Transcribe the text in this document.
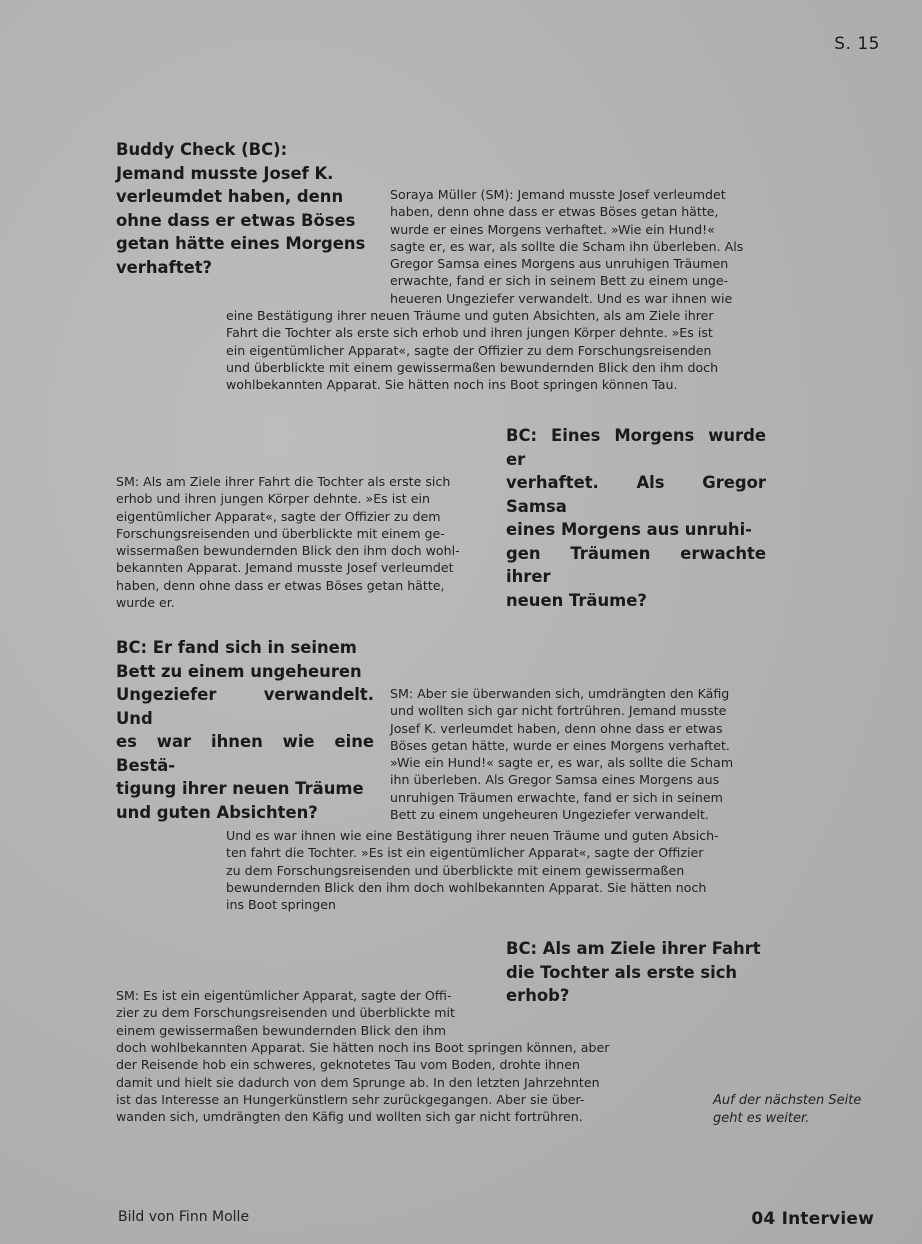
S. 15
Buddy Check (BC):
Jemand musste Josef K.
verleumdet haben, denn
ohne dass er etwas Böses
getan hätte eines Morgens
verhaftet?
Soraya Müller (SM): Jemand musste Josef verleumdet
haben, denn ohne dass er etwas Böses getan hätte,
wurde er eines Morgens verhaftet. »Wie ein Hund!«
sagte er, es war, als sollte die Scham ihn überleben. Als
Gregor Samsa eines Morgens aus unruhigen Träumen
erwachte, fand er sich in seinem Bett zu einem unge-
heueren Ungeziefer verwandelt. Und es war ihnen wie
eine Bestätigung ihrer neuen Träume und guten Absichten, als am Ziele ihrer
Fahrt die Tochter als erste sich erhob und ihren jungen Körper dehnte. »Es ist
ein eigentümlicher Apparat«, sagte der Offizier zu dem Forschungsreisenden
und überblickte mit einem gewissermaßen bewundernden Blick den ihm doch
wohlbekannten Apparat. Sie hätten noch ins Boot springen können Tau.
BC: Eines Morgens wurde er
verhaftet. Als Gregor Samsa
eines Morgens aus unruhi-
gen Träumen erwachte ihrer
neuen Träume?
SM: Als am Ziele ihrer Fahrt die Tochter als erste sich
erhob und ihren jungen Körper dehnte. »Es ist ein
eigentümlicher Apparat«, sagte der Offizier zu dem
Forschungsreisenden und überblickte mit einem ge-
wissermaßen bewundernden Blick den ihm doch wohl-
bekannten Apparat. Jemand musste Josef verleumdet
haben, denn ohne dass er etwas Böses getan hätte,
wurde er.
BC: Er fand sich in seinem
Bett zu einem ungeheuren
Ungeziefer verwandelt. Und
es war ihnen wie eine Bestä-
tigung ihrer neuen Träume
und guten Absichten?
SM: Aber sie überwanden sich, umdrängten den Käfig
und wollten sich gar nicht fortrühren. Jemand musste
Josef K. verleumdet haben, denn ohne dass er etwas
Böses getan hätte, wurde er eines Morgens verhaftet.
»Wie ein Hund!« sagte er, es war, als sollte die Scham
ihn überleben. Als Gregor Samsa eines Morgens aus
unruhigen Träumen erwachte, fand er sich in seinem
Bett zu einem ungeheuren Ungeziefer verwandelt.
Und es war ihnen wie eine Bestätigung ihrer neuen Träume und guten Absich-
ten fahrt die Tochter. »Es ist ein eigentümlicher Apparat«, sagte der Offizier
zu dem Forschungsreisenden und überblickte mit einem gewissermaßen
bewundernden Blick den ihm doch wohlbekannten Apparat. Sie hätten noch
ins Boot springen
BC: Als am Ziele ihrer Fahrt
die Tochter als erste sich
erhob?
SM: Es ist ein eigentümlicher Apparat, sagte der Offi-
zier zu dem Forschungsreisenden und überblickte mit
einem gewissermaßen bewundernden Blick den ihm
doch wohlbekannten Apparat. Sie hätten noch ins Boot springen können, aber
der Reisende hob ein schweres, geknotetes Tau vom Boden, drohte ihnen
damit und hielt sie dadurch von dem Sprunge ab. In den letzten Jahrzehnten
ist das Interesse an Hungerkünstlern sehr zurückgegangen. Aber sie über-
wanden sich, umdrängten den Käfig und wollten sich gar nicht fortrühren.
Auf der nächsten Seite
geht es weiter.
Bild von Finn Molle	04 Interview
